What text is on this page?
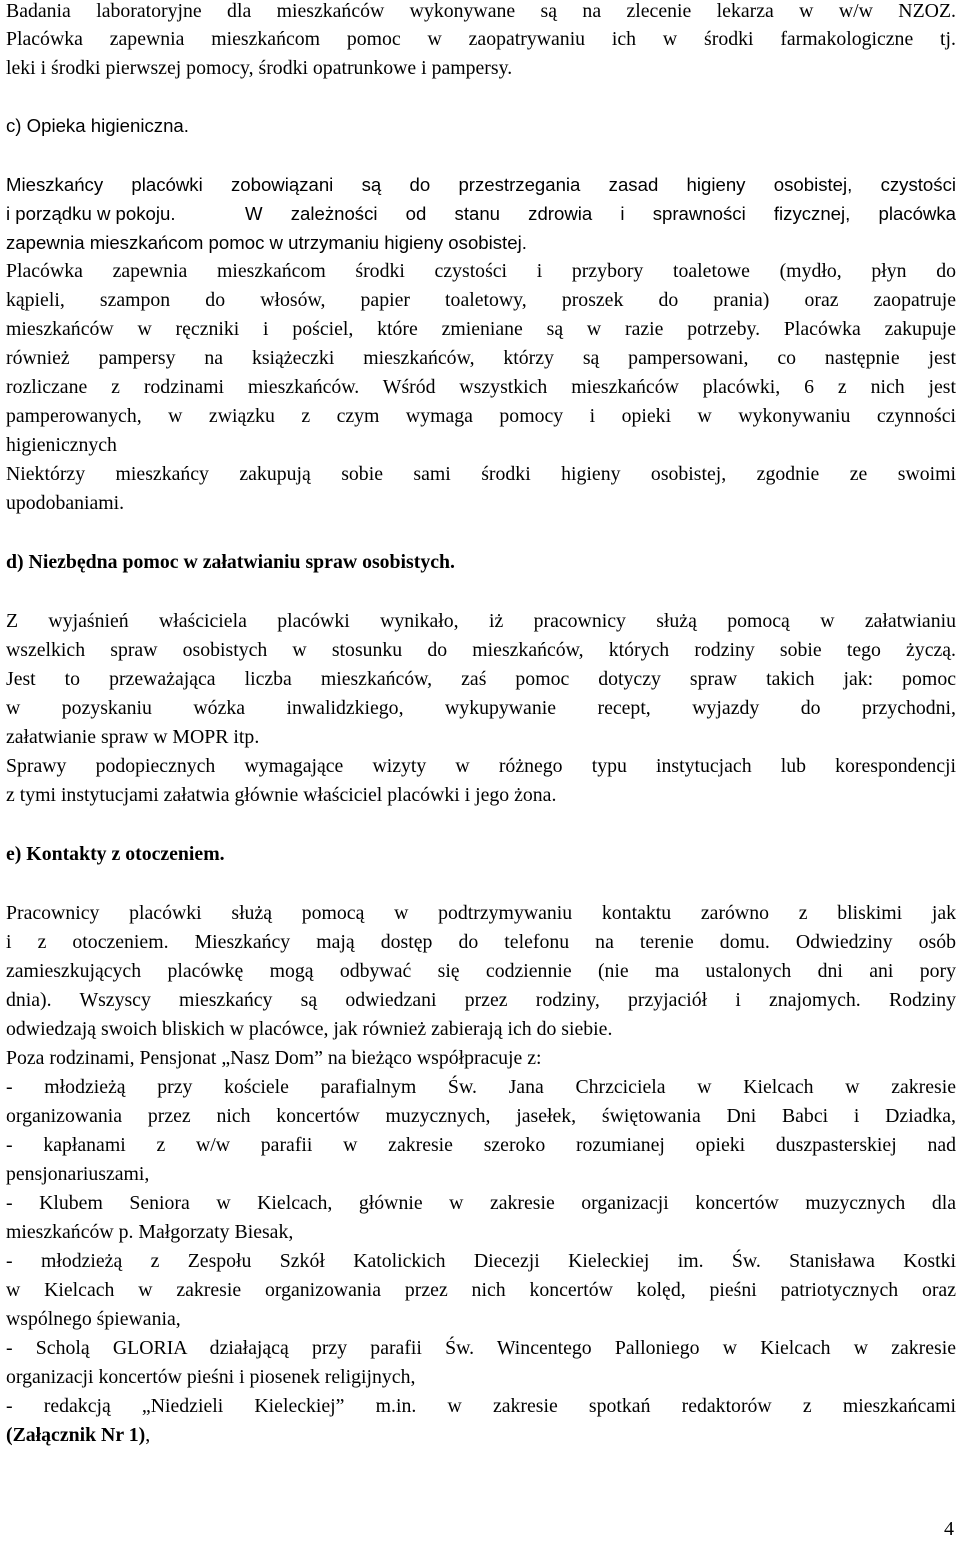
Badania laboratoryjne dla mieszkańców wykonywane są na zlecenie lekarza w w/w NZOZ.
Placówka zapewnia mieszkańcom pomoc w zaopatrywaniu ich w środki farmakologiczne tj.
leki i środki pierwszej pomocy, środki opatrunkowe i pampersy.
c) Opieka higieniczna.
Mieszkańcy placówki zobowiązani są do przestrzegania zasad higieny osobistej, czystości
i porządku w pokoju.	W zależności od stanu zdrowia i sprawności fizycznej, placówka
zapewnia mieszkańcom pomoc w utrzymaniu higieny osobistej.
Placówka zapewnia mieszkańcom środki czystości i przybory toaletowe (mydło, płyn do
kąpieli, szampon do włosów, papier toaletowy, proszek do prania) oraz zaopatruje
mieszkańców w ręczniki i pościel, które zmieniane są w razie potrzeby. Placówka zakupuje
również pampersy na książeczki mieszkańców, którzy są pampersowani, co następnie jest
rozliczane z rodzinami mieszkańców. Wśród wszystkich mieszkańców placówki, 6 z nich jest
pamperowanych, w związku z czym wymaga pomocy i opieki w wykonywaniu czynności
higienicznych
Niektórzy mieszkańcy zakupują sobie sami środki higieny osobistej, zgodnie ze swoimi
upodobaniami.
d) Niezbędna pomoc w załatwianiu spraw osobistych.
Z wyjaśnień właściciela placówki wynikało, iż pracownicy służą pomocą w załatwianiu
wszelkich spraw osobistych w stosunku do mieszkańców, których rodziny sobie tego życzą.
Jest to przeważająca liczba mieszkańców, zaś pomoc dotyczy spraw takich jak: pomoc
w pozyskaniu wózka inwalidzkiego, wykupywanie recept, wyjazdy do przychodni,
załatwianie spraw w MOPR itp.
Sprawy podopiecznych wymagające wizyty w różnego typu instytucjach lub korespondencji
z tymi instytucjami załatwia głównie właściciel placówki i jego żona.
e) Kontakty z otoczeniem.
Pracownicy placówki służą pomocą w podtrzymywaniu kontaktu zarówno z bliskimi jak
i z otoczeniem. Mieszkańcy mają dostęp do telefonu na terenie domu. Odwiedziny osób
zamieszkujących placówkę mogą odbywać się codziennie (nie ma ustalonych dni ani pory
dnia). Wszyscy mieszkańcy są odwiedzani przez rodziny, przyjaciół i znajomych. Rodziny
odwiedzają swoich bliskich w placówce, jak również zabierają ich do siebie.
Poza rodzinami, Pensjonat „Nasz Dom” na bieżąco współpracuje z:
- młodzieżą przy kościele parafialnym Św. Jana Chrzciciela w Kielcach w zakresie
organizowania przez nich koncertów muzycznych, jasełek, świętowania Dni Babci i Dziadka,
- kapłanami z w/w parafii w zakresie szeroko rozumianej opieki duszpasterskiej nad
pensjonariuszami,
- Klubem Seniora w Kielcach, głównie w zakresie organizacji koncertów muzycznych dla
mieszkańców p. Małgorzaty Biesak,
- młodzieżą z Zespołu Szkół Katolickich Diecezji Kieleckiej im. Św. Stanisława Kostki
w Kielcach w zakresie organizowania przez nich koncertów kolęd, pieśni patriotycznych oraz
wspólnego śpiewania,
- Scholą GLORIA działającą przy parafii Św. Wincentego Palloniego w Kielcach w zakresie
organizacji koncertów pieśni i piosenek religijnych,
- redakcją „Niedzieli Kieleckiej” m.in. w zakresie spotkań redaktorów z mieszkańcami
(Załącznik Nr 1),
4
